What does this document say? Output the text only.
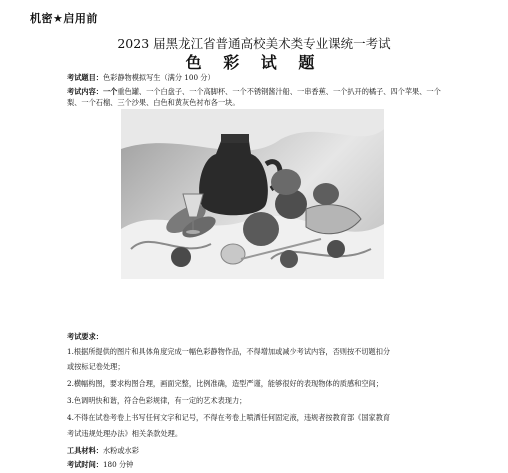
机密★启用前
2023 届黑龙江省普通高校美术类专业课统一考试
色 彩 试 题
考试题目：色彩静物模拟写生（满分 100 分）
考试内容：一个重色罐、一个白盘子、一个高脚杯、一个不锈钢酱汁船、一串香蕉、一个扒开的橘子、四个苹果、一个梨、一个石榴、三个沙果、白色和黄灰色衬布各一块。
考试要求：
1.根据所提供的图片和具体角度完成一幅色彩静物作品，不得增加或减少考试内容，否则按不切题扣分
或按标记卷处理；
2.横幅构图，要求构图合理，画面完整，比例准确，造型严谨，能够很好的表现物体的质感和空间；
3.色调明快和谐，符合色彩规律，有一定的艺术表现力；
4.不得在试卷考卷上书写任何文字和记号，不得在考卷上喷洒任何固定液，违规者按教育部《国家教育
考试违规处理办法》相关条款处理。
工具材料：水粉或水彩
考试时间：180 分钟
